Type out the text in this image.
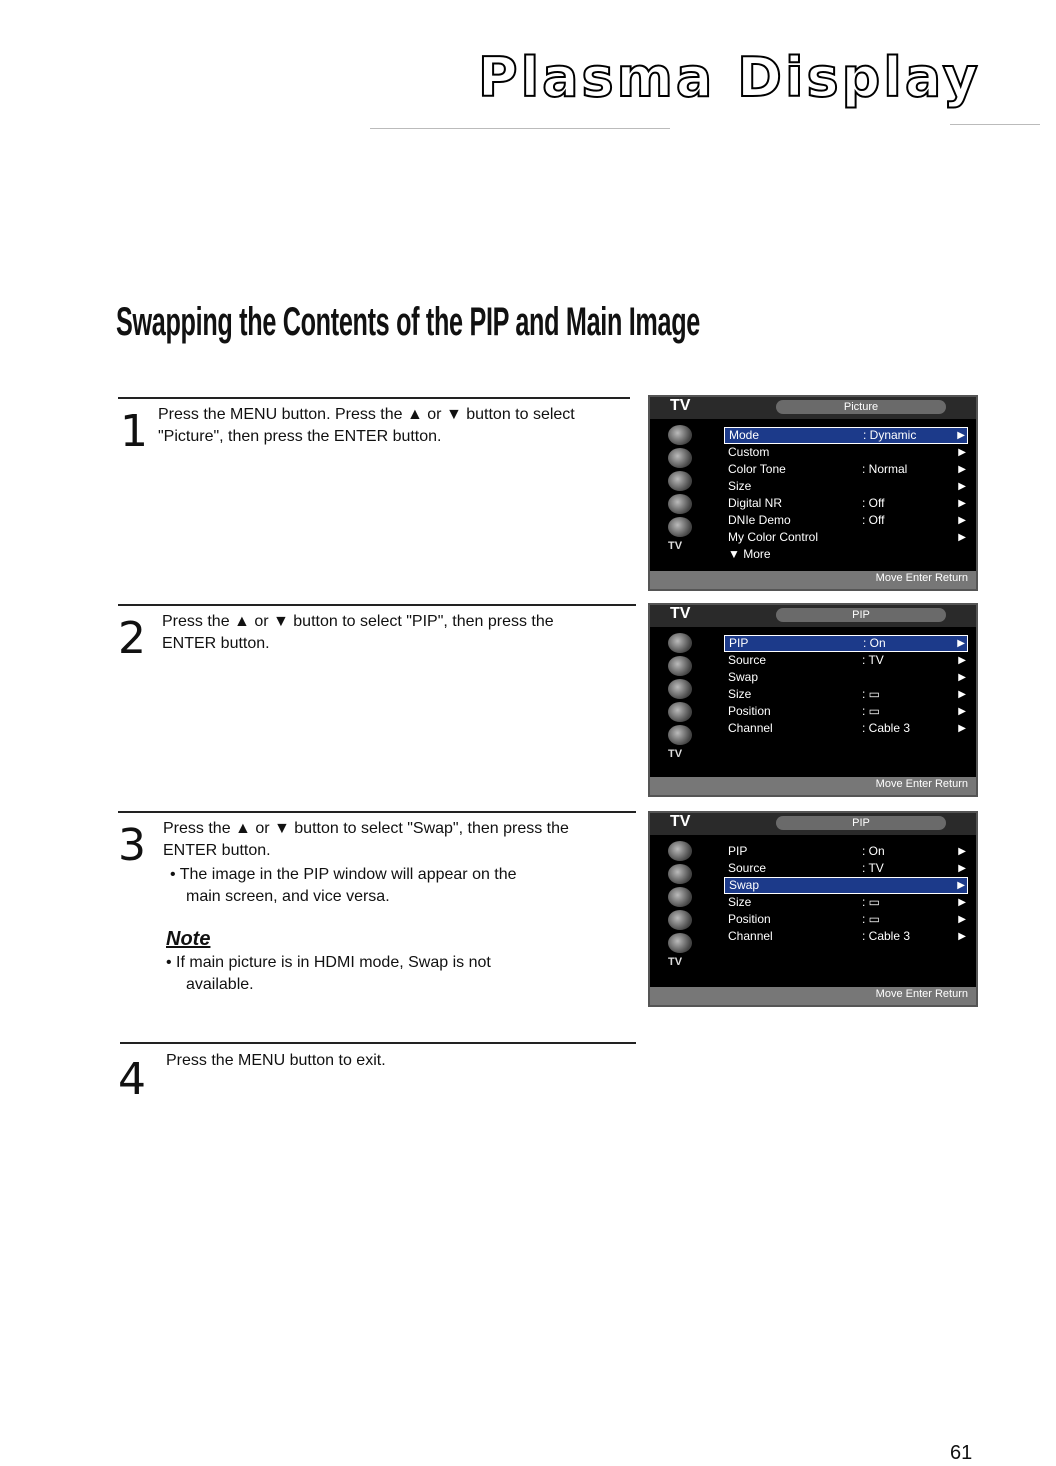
Plasma Display
Swapping the Contents of the PIP and Main Image
1 Press the MENU button. Press the ▲ or ▼ button to select

"Picture", then press the ENTER button.

2 Press the ▲ or ▼ button to select "PIP", then press the

ENTER button.

3 Press the ▲ or ▼ button to select "Swap", then press the

ENTER button.

• The image in the PIP window will appear on the
main screen, and vice versa.
Note
• If main picture is in HDMI mode, Swap is not
available.
4 Press the MENU button to exit.

TV	Picture
TV
Mode	: Dynamic	▶
Custom	▶
Color Tone	: Normal	▶
Size	▶
Digital NR	: Off	▶
DNIe Demo	: Off	▶
My Color Control	▶
▼ More
Move Enter Return
TV	PIP
TV
PIP	: On	▶
Source	: TV	▶
Swap	▶
Size	: ▭	▶
Position	: ▭	▶
Channel	: Cable 3	▶
Move Enter Return
TV	PIP
TV
PIP	: On	▶
Source	: TV	▶
Swap	▶
Size	: ▭	▶
Position	: ▭	▶
Channel	: Cable 3	▶
Move Enter Return
61
